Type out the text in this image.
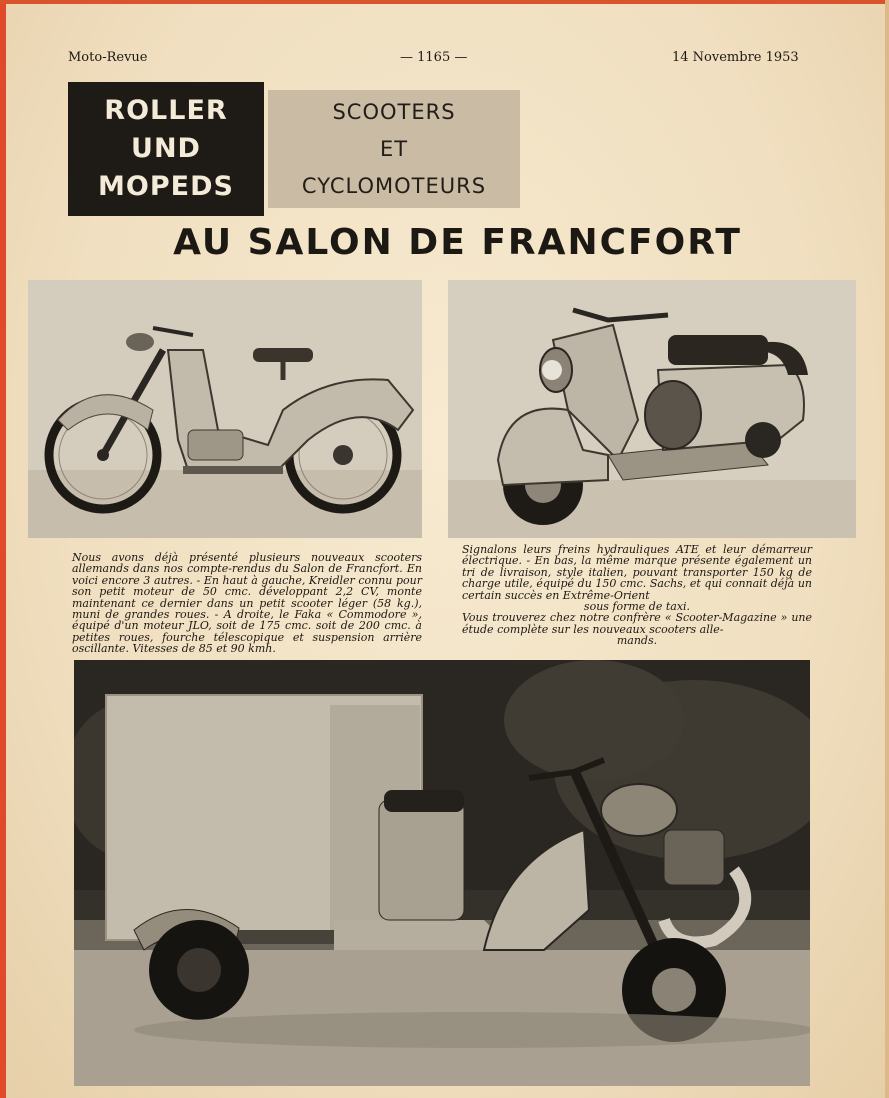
Moto-Revue	— 1165 —	14 Novembre 1953
ROLLER
UND
MOPEDS
SCOOTERS
ET
CYCLOMOTEURS
AU SALON DE FRANCFORT

Nous avons déjà présenté plusieurs nouveaux scooters allemands dans nos compte-rendus du Salon de Francfort. En voici encore 3 autres. - En haut à gauche, Kreidler connu pour son petit moteur de 50 cmc. développant 2,2 CV, monte maintenant ce dernier dans un petit scooter léger (58 kg.), muni de grandes roues. - A droite, le Faka « Commodore », équipé d'un moteur JLO, soit de 175 cmc. soit de 200 cmc. à petites roues, fourche télescopique et suspension arrière oscillante. Vitesses de 85 et 90 kmh.

Signalons leurs freins hydrauliques ATE et leur démarreur électrique. - En bas, la même marque présente également un tri de livraison, style italien, pouvant transporter 150 kg de charge utile, équipé du 150 cmc. Sachs, et qui connait déjà un certain succès en Extrême-Orient

sous forme de taxi.

Vous trouverez chez notre confrère « Scooter-Magazine » une étude complète sur les nouveaux scooters alle-

mands.
